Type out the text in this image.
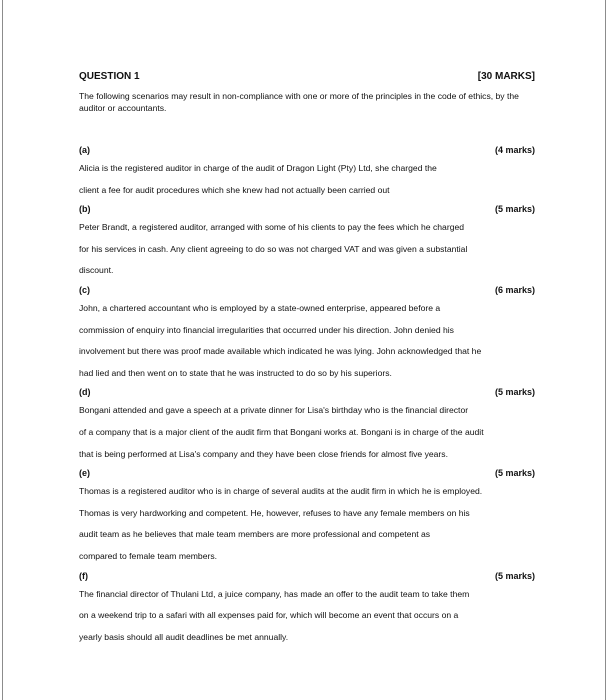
QUESTION 1	[30 MARKS]
The following scenarios may result in non-compliance with one or more of the principles in the code of ethics, by the auditor or accountants.
(a)	(4 marks)
Alicia is the registered auditor in charge of the audit of Dragon Light (Pty) Ltd, she charged the
client a fee for audit procedures which she knew had not actually been carried out
(b)	(5 marks)
Peter Brandt, a registered auditor, arranged with some of his clients to pay the fees which he charged
for his services in cash. Any client agreeing to do so was not charged VAT and was given a substantial
discount.
(c)	(6 marks)
John, a chartered accountant who is employed by a state-owned enterprise, appeared before a
commission of enquiry into financial irregularities that occurred under his direction. John denied his
involvement but there was proof made available which indicated he was lying. John acknowledged that he
had lied and then went on to state that he was instructed to do so by his superiors.
(d)	(5 marks)
Bongani attended and gave a speech at a private dinner for Lisa's birthday who is the financial director
of a company that is a major client of the audit firm that Bongani works at. Bongani is in charge of the audit
that is being performed at Lisa's company and they have been close friends for almost five years.
(e)	(5 marks)
Thomas is a registered auditor who is in charge of several audits at the audit firm in which he is employed.
Thomas is very hardworking and competent. He, however, refuses to have any female members on his
audit team as he believes that male team members are more professional and competent as
compared to female team members.
(f)	(5 marks)
The financial director of Thulani Ltd, a juice company, has made an offer to the audit team to take them
on a weekend trip to a safari with all expenses paid for, which will become an event that occurs on a
yearly basis should all audit deadlines be met annually.
